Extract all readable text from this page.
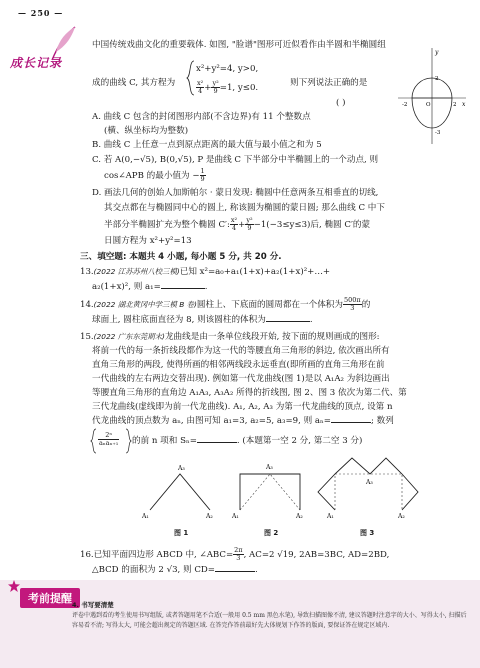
— 250 —
成长记录
中国传统戏曲文化的重要载体. 如图, "脸谱"图形可近似看作由半圆和半椭圆组
成的曲线 C, 其方程为
x²+y²=4, y>0,
$\frac{\text{x²}}{4} + \frac{\text{y²}}{9} =1$, y≤0.	则下列说法正确的是
( )	x
y
O
-2	2
2
-3
A. 曲线 C 包含的封闭图形内部(不含边界)有 11 个整数点
(横、纵坐标均为整数)
B. 曲线 C 上任意一点到原点距离的最大值与最小值之和为 5
C. 若 A(0,−√5), B(0,√5), P 是曲线 C 下半部分中半椭圆上的一个动点, 则
cos∠APB 的最小值为 − $\frac{1}{9}$
D. 画法几何的创始人加斯帕尔 · 蒙日发现: 椭圆中任意两条互相垂直的切线,
其交点都在与椭圆同中心的圆上, 称该圆为椭圆的蒙日圆; 那么曲线 C 中下
半部分半椭圆扩充为整个椭圆 C′: $\frac{\text{x²}}{4} + \frac{\text{y²}}{9} -1(-3\le y\le 3)$后, 椭圆 C′的蒙
日圆方程为 x²+y²=13
三、填空题: 本题共 4 小题, 每小题 5 分, 共 20 分.
13.(2022 江苏苏州八校三模)已知 x²=a₀+a₁(1+x)+a₂(1+x)²+…+
a₂(1+x)², 则 a₁=	.
14.(2022 湖北黄冈中学三模 B 卷)圆柱上、下底面的圆周都在一个体积为 $\frac{500\pi}{3}$ 的
球面上, 圆柱底面直径为 8, 则该圆柱的体积为	.
15.(2022 广东东莞期末)龙曲线是由一条单位线段开始, 按下面的规则画成的图形:
将前一代的每一条折线段都作为这一代的等腰直角三角形的斜边, 依次画出所有
直角三角形的两段, 使得所画的相邻两线段永远垂直(即所画的直角三角形在前
一代曲线的左右两边交替出现). 例如第一代龙曲线(图 1)是以 A₁A₂ 为斜边画出
等腰直角三角形的直角边 A₁A₃, A₃A₂ 所得的折线图, 图 2、图 3 依次为第二代、第
三代龙曲线(虚线即为前一代龙曲线). A₁, A₂, A₃ 为第一代龙曲线的顶点, 设第 n
代龙曲线的顶点数为 aₙ, 由图可知 a₁=3, a₂=5, a₃=9, 则 aₙ=	; 数列
$\frac{\text{2ⁿ}}{\text{aₙaₙ₊₁}}$ 的前 n 项和 Sₙ=	. (本题第一空 2 分, 第二空 3 分)
A₁	A₂
A₃
A₁	A₂
A₃
A₁	A₂
A₃
图 1	图 2	图 3
16.已知平面四边形 ABCD 中, ∠ABC= $\frac{2\pi}{3}$ , AC=2 √19, 2AB=3BC, AD=2BD,
△BCD 的面积为 2 √3, 则 CD=	.
考前提醒 4. 书写要清楚
评卷中遇到看的考生使用书写组版, 或者答题用笔不合适(一般用 0.5 mm 黑色水笔), 导致扫描图像不清, 建议答题时注意字的大小、写得太小, 扫描后容易看不清; 写得太大, 可能会超出规定的答题区域. 在答完作答前最好先大体规划下作答的版面, 要保证答在规定区域内.
